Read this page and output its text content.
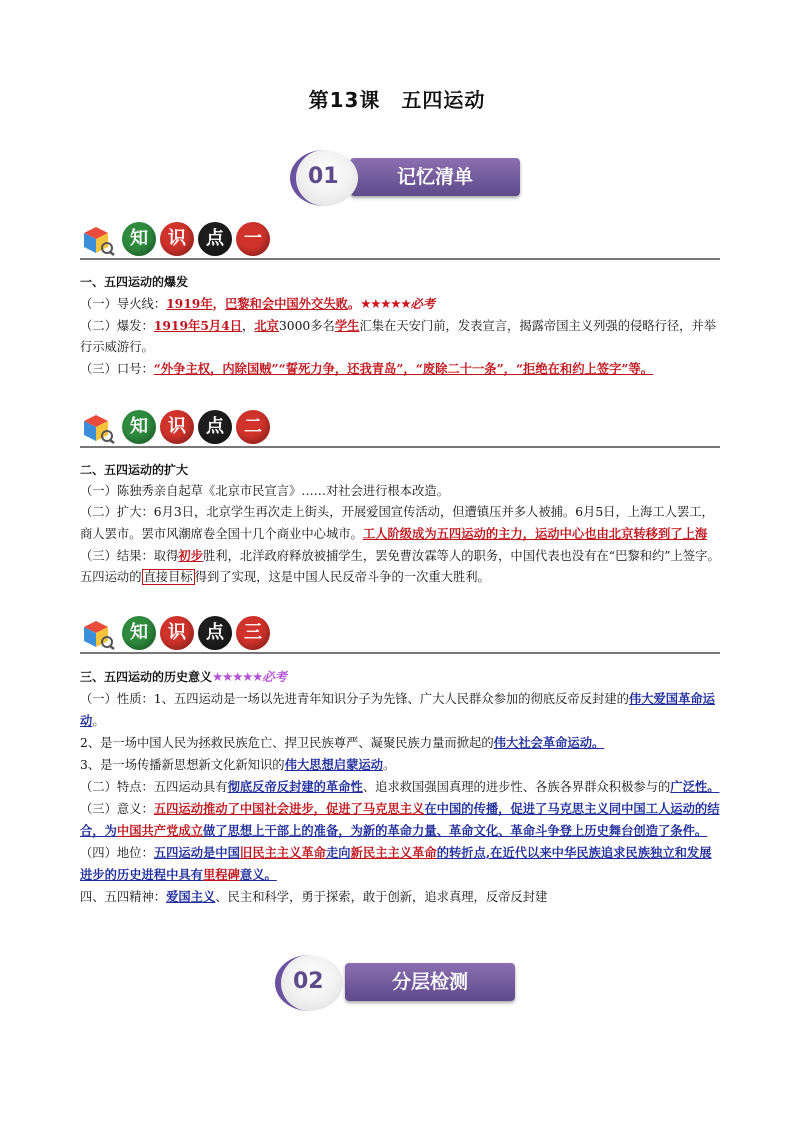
第13课　五四运动
记忆清单
01
知	识	点	一

一、五四运动的爆发

（一）导火线：1919年，巴黎和会中国外交失败。★★★★★必考

（二）爆发：1919年5月4日，北京3000多名学生汇集在天安门前，发表宣言，揭露帝国主义列强的侵略行径，并举行示威游行。

（三）口号：“外争主权，内除国贼”“誓死力争，还我青岛”，“废除二十一条”，“拒绝在和约上签字”等。

知	识	点	二

二、五四运动的扩大

（一）陈独秀亲自起草《北京市民宣言》……对社会进行根本改造。

（二）扩大：6月3日，北京学生再次走上街头，开展爱国宣传活动，但遭镇压并多人被捕。6月5日，上海工人罢工，商人罢市。罢市风潮席卷全国十几个商业中心城市。工人阶级成为五四运动的主力，运动中心也由北京转移到了上海

（三）结果：取得初步胜利，北洋政府释放被捕学生，罢免曹汝霖等人的职务，中国代表也没有在“巴黎和约”上签字。五四运动的 直接目标 得到了实现，这是中国人民反帝斗争的一次重大胜利。

知	识	点	三

三、五四运动的历史意义★★★★★必考

（一）性质：1、五四运动是一场以先进青年知识分子为先锋、广大人民群众参加的彻底反帝反封建的伟大爱国革命运动。

2、是一场中国人民为拯救民族危亡、捍卫民族尊严、凝聚民族力量而掀起的伟大社会革命运动。

3、是一场传播新思想新文化新知识的伟大思想启蒙运动。

（二）特点：五四运动具有彻底反帝反封建的革命性、追求救国强国真理的进步性、各族各界群众积极参与的广泛性。

（三）意义：五四运动推动了中国社会进步，促进了马克思主义在中国的传播，促进了马克思主义同中国工人运动的结合，为中国共产党成立做了思想上干部上的准备，为新的革命力量、革命文化、革命斗争登上历史舞台创造了条件。

（四）地位：五四运动是中国旧民主主义革命走向新民主主义革命的转折点,在近代以来中华民族追求民族独立和发展进步的历史进程中具有里程碑意义。

四、五四精神：爱国主义、民主和科学，勇于探索，敢于创新，追求真理，反帝反封建

分层检测
02
